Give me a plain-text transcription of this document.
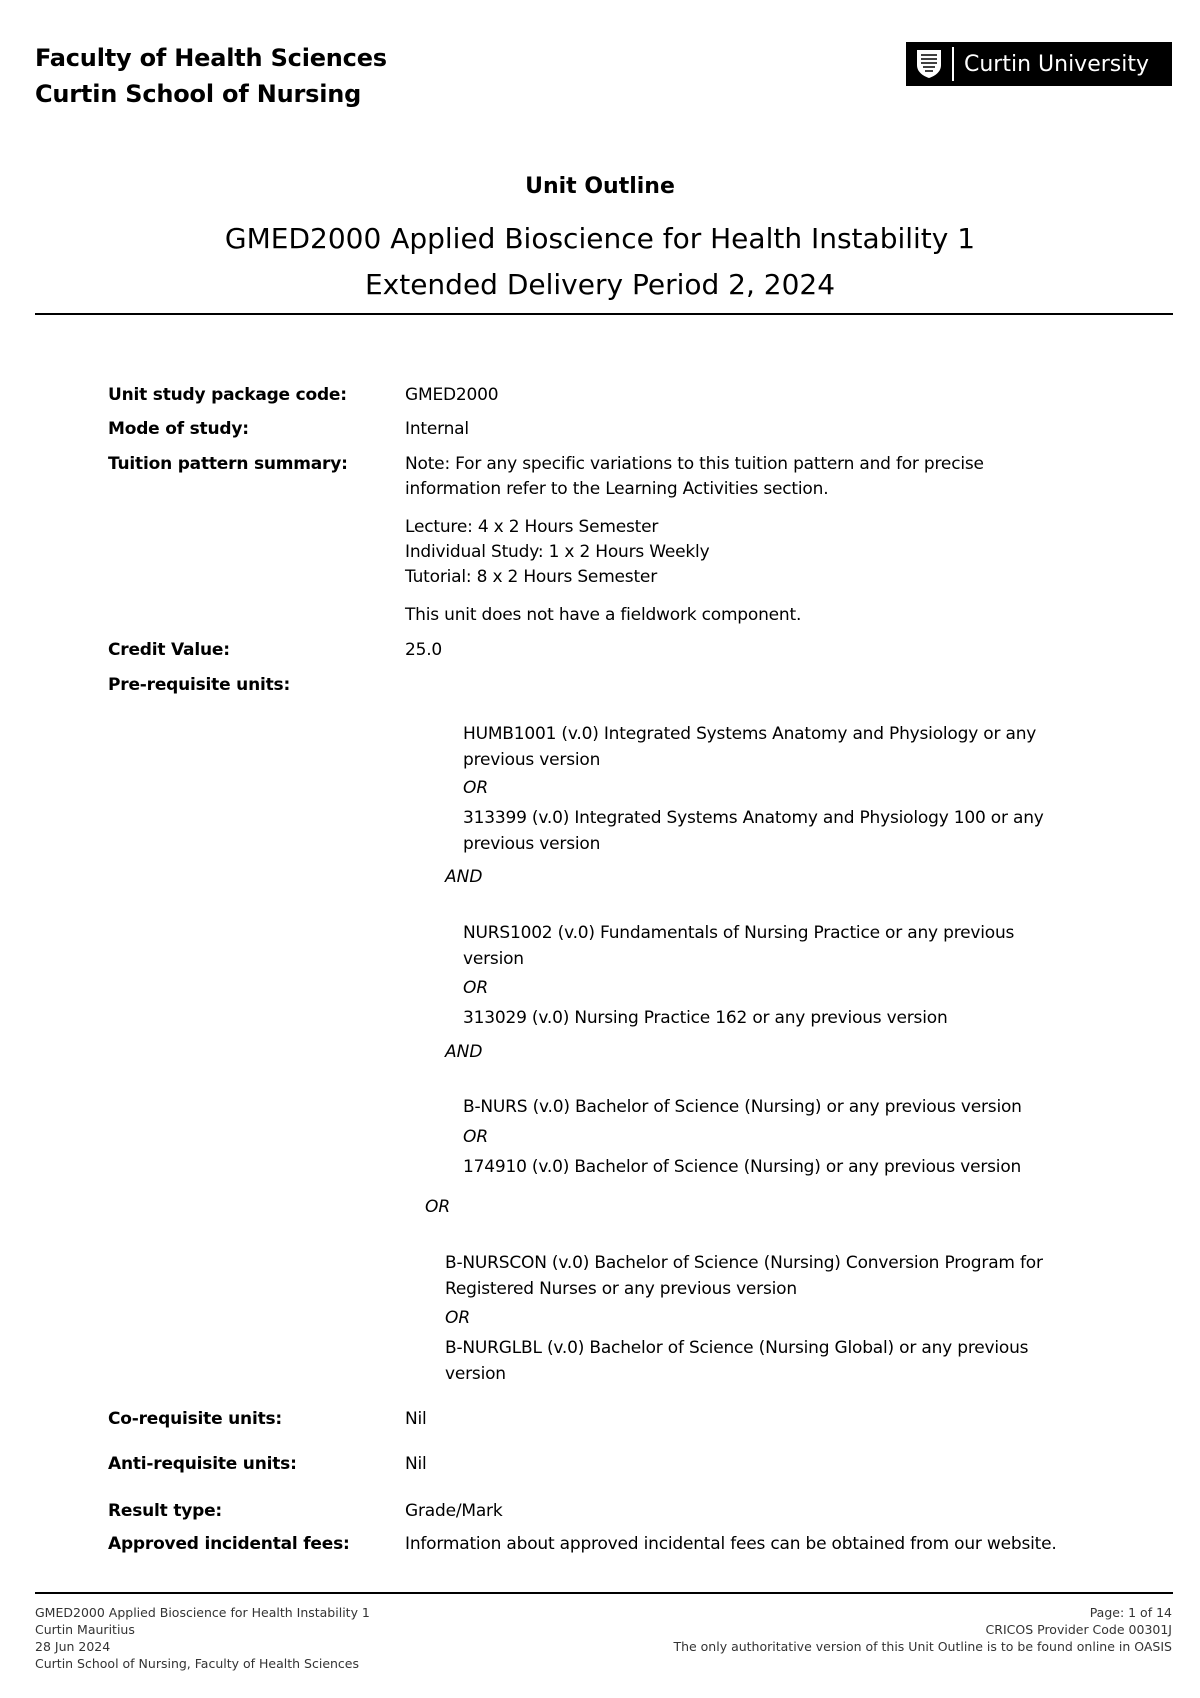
Faculty of Health Sciences
Curtin School of Nursing
Curtin University
Unit Outline
GMED2000 Applied Bioscience for Health Instability 1
Extended Delivery Period 2, 2024
Unit study package code:	GMED2000
Mode of study:	Internal
Tuition pattern summary:	Note: For any specific variations to this tuition pattern and for precise
information refer to the Learning Activities section.
Lecture: 4 x 2 Hours Semester
Individual Study: 1 x 2 Hours Weekly
Tutorial: 8 x 2 Hours Semester
This unit does not have a fieldwork component.
Credit Value:	25.0
Pre-requisite units:
HUMB1001 (v.0) Integrated Systems Anatomy and Physiology or any
previous version
OR
313399 (v.0) Integrated Systems Anatomy and Physiology 100 or any
previous version
AND
NURS1002 (v.0) Fundamentals of Nursing Practice or any previous
version
OR
313029 (v.0) Nursing Practice 162 or any previous version
AND
B-NURS (v.0) Bachelor of Science (Nursing) or any previous version
OR
174910 (v.0) Bachelor of Science (Nursing) or any previous version
OR
B-NURSCON (v.0) Bachelor of Science (Nursing) Conversion Program for
Registered Nurses or any previous version
OR
B-NURGLBL (v.0) Bachelor of Science (Nursing Global) or any previous
version
Co-requisite units:	Nil
Anti-requisite units:	Nil
Result type:	Grade/Mark
Approved incidental fees:	Information about approved incidental fees can be obtained from our website.
GMED2000 Applied Bioscience for Health Instability 1
Curtin Mauritius
28 Jun 2024
Curtin School of Nursing, Faculty of Health Sciences
Page: 1 of 14
CRICOS Provider Code 00301J
The only authoritative version of this Unit Outline is to be found online in OASIS
